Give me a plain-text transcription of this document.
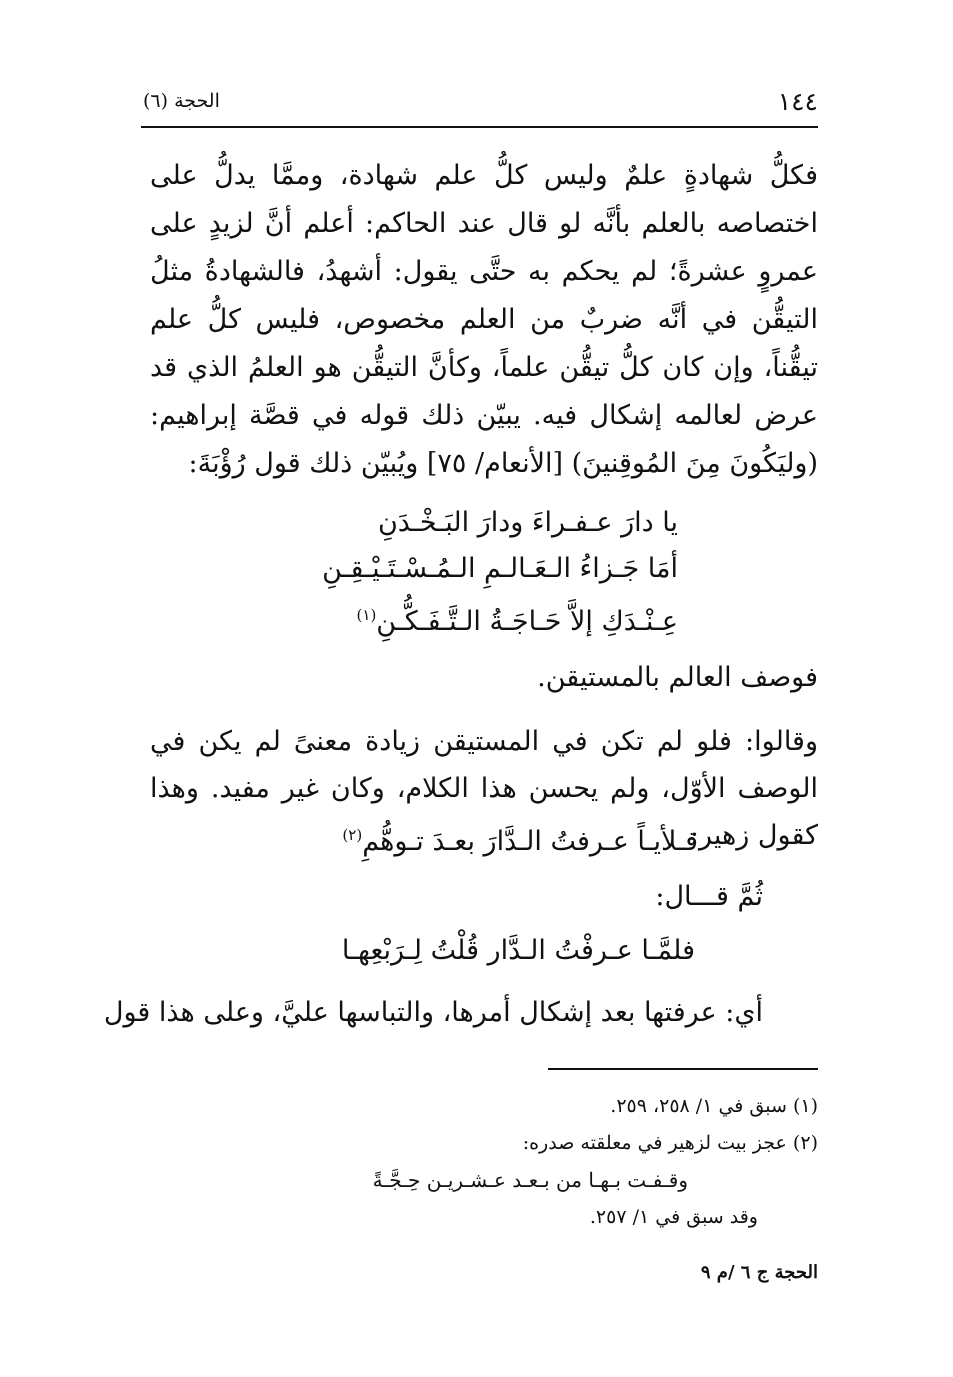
١٤٤
الحجة (٦)

فكلُّ شهادةٍ علمٌ وليس كلُّ علم شهادة، وممَّا يدلُّ على اختصاصه بالعلم بأنَّه لو قال عند الحاكم: أعلم أنَّ لزيدٍ على عمروٍ عشرةً؛ لم يحكم به حتَّى يقول: أشهدُ، فالشهادةُ مثلُ التيقُّن في أنَّه ضربٌ من العلم مخصوص، فليس كلُّ علم تيقُّناً، وإن كان كلُّ تيقُّن علماً، وكأنَّ التيقُّن هو العلمُ الذي قد عرض لعالمه إشكال فيه. يبيّن ذلك قوله في قصَّة إبراهيم: (وليَكُونَ مِنَ المُوقِنينَ) [الأنعام/ ٧٥] ويُبيّن ذلك قول رُؤْبَةَ:

يا دارَ عـفـراءَ ودارَ البَـخْـدَنِ
أمَا جَـزاءُ الـعَـالـمِ الـمُـسْـتَـيْـقِـنِ
عِـنْـدَكِ إلاَّ حَـاجَـةُ الـتَّـفَـكُّـنِ$^{(١)}$
فوصف العالم بالمستيقن.

وقالوا: فلو لم تكن في المستيقن زيادة معنىً لم يكن في الوصف الأوّل، ولم يحسن هذا الكلام، وكان غير مفيد. وهذا كقول زهير:

فـلأيـاً عـرفتُ الـدَّارَ بعـدَ تـوهُّمِ$^{(٢)}$
ثُمَّ قـــال:
فلمَّـا عـرفْتُ الـدَّار قُلْتُ لِـرَبْعِهـا
أي: عرفتها بعد إشكال أمرها، والتباسها عليَّ، وعلى هذا قول
(١) سبق في ١/ ٢٥٨، ٢٥٩.
(٢) عجز بيت لزهير في معلقته صدره:
وقـفـت بـهـا من بـعـد عـشـريـن حِـجَّـةً
وقد سبق في ١/ ٢٥٧.
الحجة ج ٦ /م ٩
